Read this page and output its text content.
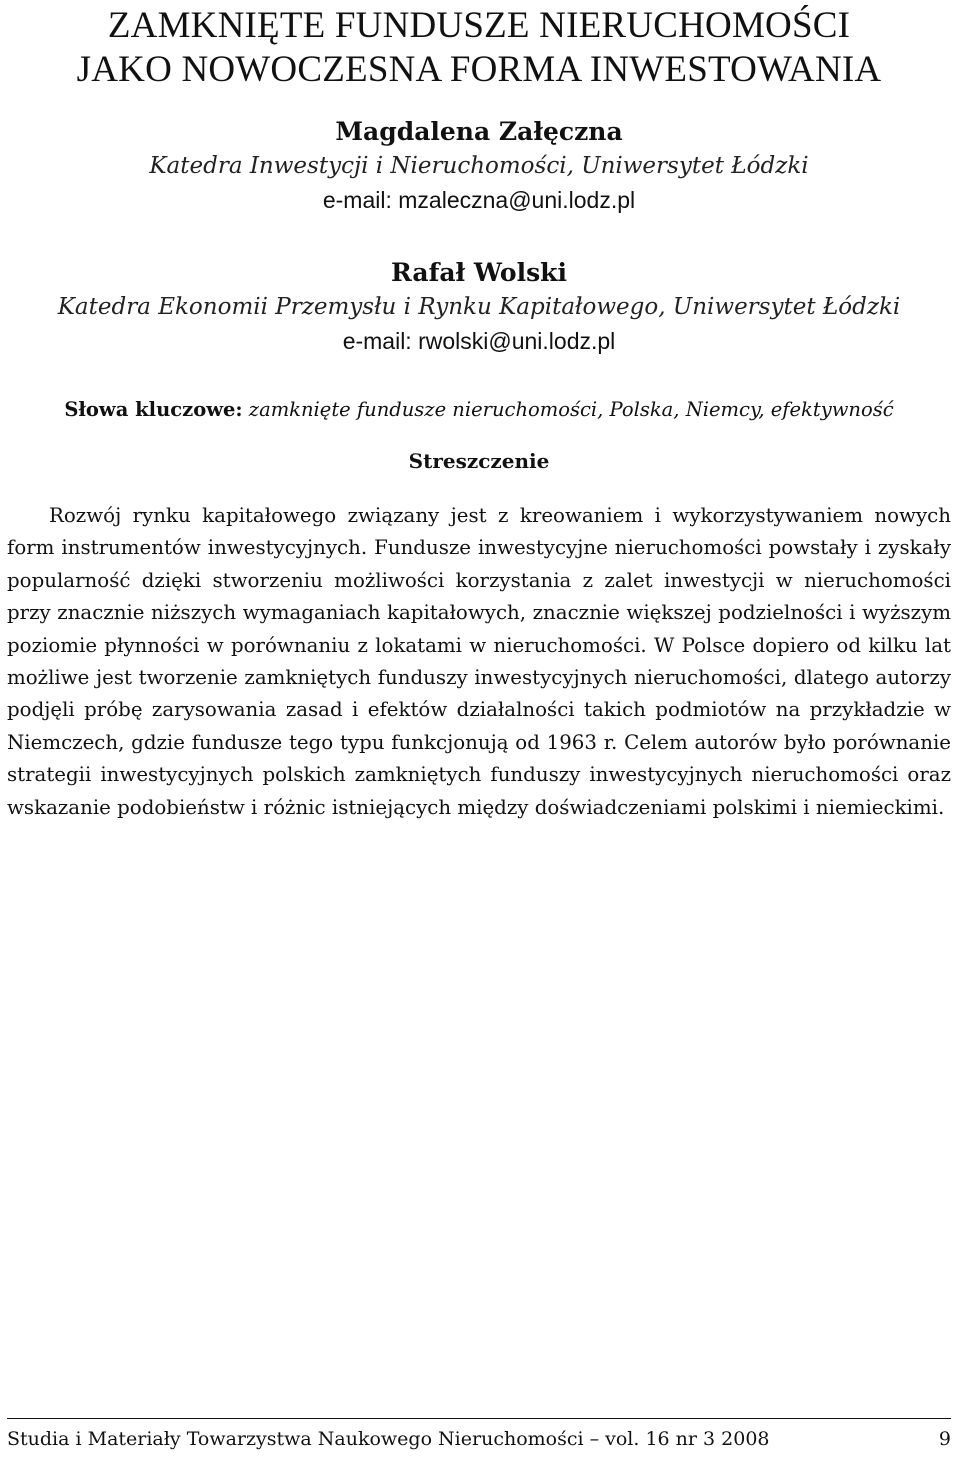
ZAMKNIĘTE FUNDUSZE NIERUCHOMOŚCI
JAKO NOWOCZESNA FORMA INWESTOWANIA
Magdalena Załęczna
Katedra Inwestycji i Nieruchomości, Uniwersytet Łódzki
e-mail: mzaleczna@uni.lodz.pl
Rafał Wolski
Katedra Ekonomii Przemysłu i Rynku Kapitałowego, Uniwersytet Łódzki
e-mail: rwolski@uni.lodz.pl
Słowa kluczowe: zamknięte fundusze nieruchomości, Polska, Niemcy, efektywność
Streszczenie

Rozwój rynku kapitałowego związany jest z kreowaniem i wykorzystywaniem nowych form instrumentów inwestycyjnych. Fundusze inwestycyjne nieruchomości powstały i zyskały popularność dzięki stworzeniu możliwości korzystania z zalet inwestycji w nieruchomości przy znacznie niższych wymaganiach kapitałowych, znacznie większej podzielności i wyższym poziomie płynności w porównaniu z lokatami w nieruchomości. W Polsce dopiero od kilku lat możliwe jest tworzenie zamkniętych funduszy inwestycyjnych nieruchomości, dlatego autorzy podjęli próbę zarysowania zasad i efektów działalności takich podmiotów na przykładzie w Niemczech, gdzie fundusze tego typu funkcjonują od 1963 r. Celem autorów było porównanie strategii inwestycyjnych polskich zamkniętych funduszy inwestycyjnych nieruchomości oraz wskazanie podobieństw i różnic istniejących między doświadczeniami polskimi i niemieckimi.

Studia i Materiały Towarzystwa Naukowego Nieruchomości – vol. 16 nr 3 2008	9
